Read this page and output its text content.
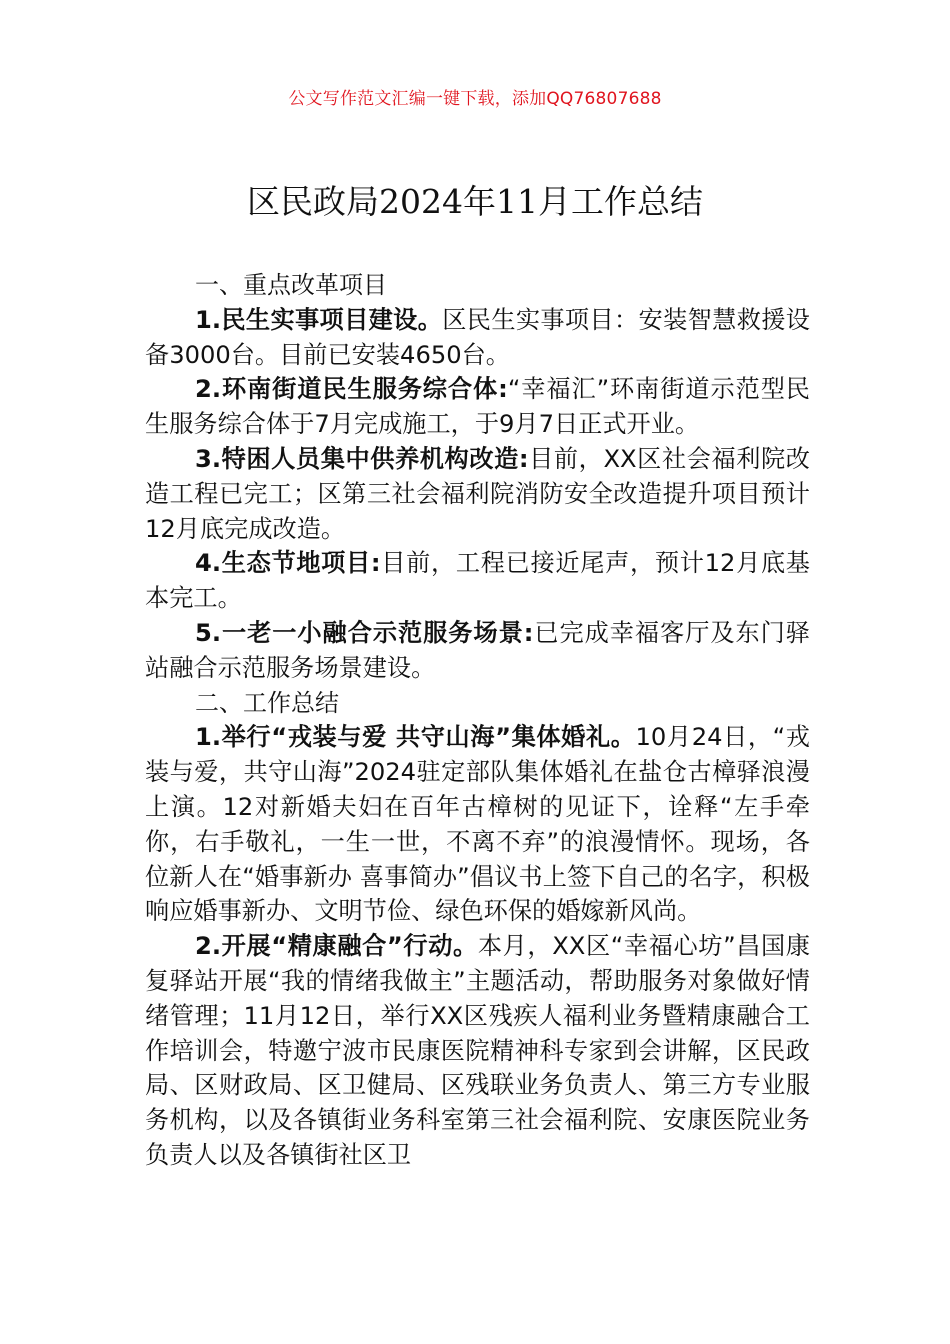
公文写作范文汇编一键下载，添加QQ76807688
区民政局2024年11月工作总结

一、重点改革项目

1.民生实事项目建设。区民生实事项目：安装智慧救援设备3000台。目前已安装4650台。

2.环南街道民生服务综合体:“幸福汇”环南街道示范型民生服务综合体于7月完成施工，于9月7日正式开业。

3.特困人员集中供养机构改造:目前，XX区社会福利院改造工程已完工；区第三社会福利院消防安全改造提升项目预计12月底完成改造。

4.生态节地项目:目前，工程已接近尾声，预计12月底基本完工。

5.一老一小融合示范服务场景:已完成幸福客厅及东门驿站融合示范服务场景建设。

二、工作总结

1.举行“戎装与爱 共守山海”集体婚礼。10月24日，“戎装与爱，共守山海”2024驻定部队集体婚礼在盐仓古樟驿浪漫上演。12对新婚夫妇在百年古樟树的见证下，诠释“左手牵你，右手敬礼，一生一世，不离不弃”的浪漫情怀。现场，各位新人在“婚事新办 喜事简办”倡议书上签下自己的名字，积极响应婚事新办、文明节俭、绿色环保的婚嫁新风尚。

2.开展“精康融合”行动。本月，XX区“幸福心坊”昌国康复驿站开展“我的情绪我做主”主题活动，帮助服务对象做好情绪管理；11月12日，举行XX区残疾人福利业务暨精康融合工作培训会，特邀宁波市民康医院精神科专家到会讲解，区民政局、区财政局、区卫健局、区残联业务负责人、第三方专业服务机构，以及各镇街业务科室第三社会福利院、安康医院业务负责人以及各镇街社区卫
